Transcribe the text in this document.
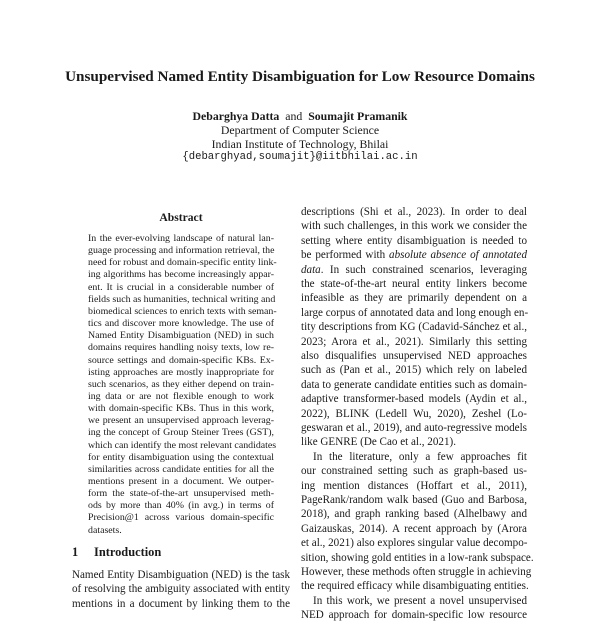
Unsupervised Named Entity Disambiguation for Low Resource Domains
Debarghya Datta and Soumajit Pramanik
Department of Computer Science
Indian Institute of Technology, Bhilai
{debarghyad,soumajit}@iitbhilai.ac.in
Abstract
In the ever-evolving landscape of natural lan-
guage processing and information retrieval, the
need for robust and domain-specific entity link-
ing algorithms has become increasingly appar-
ent. It is crucial in a considerable number of
fields such as humanities, technical writing and
biomedical sciences to enrich texts with seman-
tics and discover more knowledge. The use of
Named Entity Disambiguation (NED) in such
domains requires handling noisy texts, low re-
source settings and domain-specific KBs. Ex-
isting approaches are mostly inappropriate for
such scenarios, as they either depend on train-
ing data or are not flexible enough to work
with domain-specific KBs. Thus in this work,
we present an unsupervised approach leverag-
ing the concept of Group Steiner Trees (GST),
which can identify the most relevant candidates
for entity disambiguation using the contextual
similarities across candidate entities for all the
mentions present in a document. We outper-
form the state-of-the-art unsupervised meth-
ods by more than 40% (in avg.) in terms of
Precision@1 across various domain-specific
datasets.
1 Introduction
Named Entity Disambiguation (NED) is the task
of resolving the ambiguity associated with entity
mentions in a document by linking them to the
descriptions (Shi et al., 2023). In order to deal
with such challenges, in this work we consider the
setting where entity disambiguation is needed to
be performed with absolute absence of annotated
data. In such constrained scenarios, leveraging
the state-of-the-art neural entity linkers become
infeasible as they are primarily dependent on a
large corpus of annotated data and long enough en-
tity descriptions from KG (Cadavid-Sánchez et al.,
2023; Arora et al., 2021). Similarly this setting
also disqualifies unsupervised NED approaches
such as (Pan et al., 2015) which rely on labeled
data to generate candidate entities such as domain-
adaptive transformer-based models (Aydin et al.,
2022), BLINK (Ledell Wu, 2020), Zeshel (Lo-
geswaran et al., 2019), and auto-regressive models
like GENRE (De Cao et al., 2021).
In the literature, only a few approaches fit
our constrained setting such as graph-based us-
ing mention distances (Hoffart et al., 2011),
PageRank/random walk based (Guo and Barbosa,
2018), and graph ranking based (Alhelbawy and
Gaizauskas, 2014). A recent approach by (Arora
et al., 2021) also explores singular value decompo-
sition, showing gold entities in a low-rank subspace.
However, these methods often struggle in achieving
the required efficacy while disambiguating entities.
In this work, we present a novel unsupervised
NED approach for domain-specific low resource
